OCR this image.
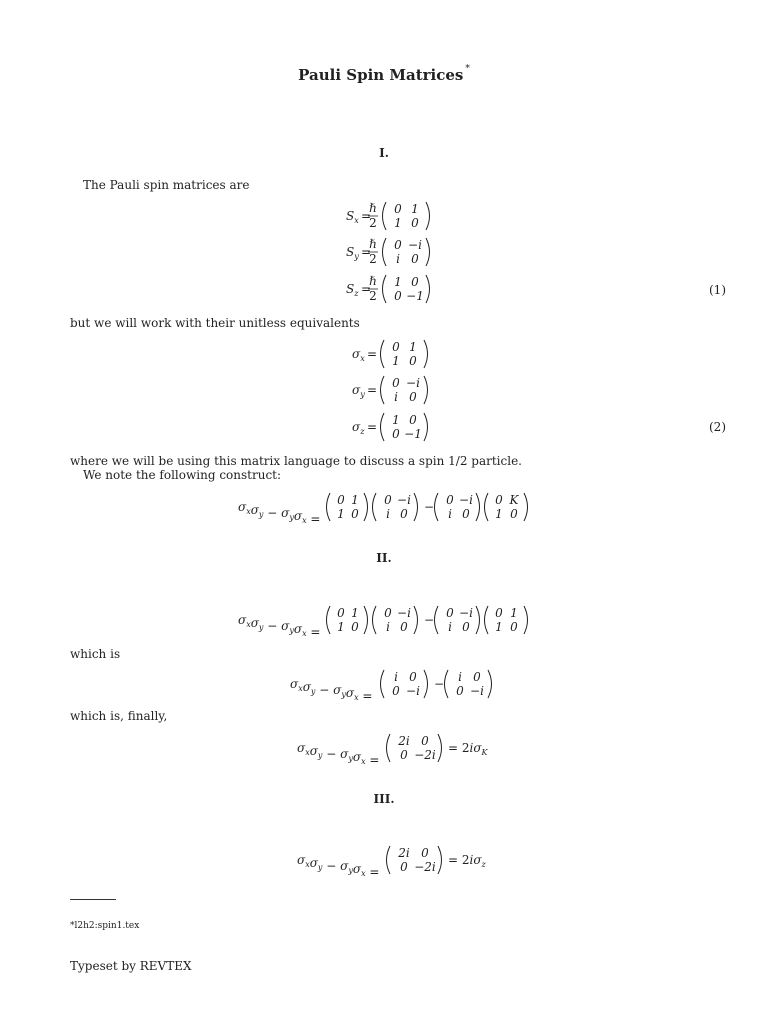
Pauli Spin Matrices *
I.
The Pauli spin matrices are
(1)
but we will work with their unitless equivalents
(2)
where we will be using this matrix language to discuss a spin 1/2 particle.
We note the following construct:
II.
which is
which is, finally,
III.
*l2h2:spin1.tex
Typeset by REVTEX
$S_x$ =
ℏ
2
0 1
1 0
$S_y$ =
ℏ
2
0 −i
i 0
$S_z$ =
ℏ
2
1 0
0 −1
$\sigma_x = 0$ 1
1 0
$\sigma_y = 0 -i$
i 0
$\sigma_z = 1$ 0
0 −1
$\sigma_x\sigma_y - \sigma_y\sigma_x$ =
0 1
1 0
0 −i
i 0 − 0 −i
i 0
0 K
1 0
$\sigma_x\sigma_y - \sigma_y\sigma_x$ =
0 1
1 0
0 −i
i 0 − 0 −i
i 0
0 1
1 0
$\sigma_x\sigma_y - \sigma_y\sigma_x$ =
i 0
0 −i − i 0
0 −i
$\sigma_x\sigma_y - \sigma_y\sigma_x$ =
2i 0
$0 -2i = 2i\sigma_K$
$\sigma_x\sigma_y - \sigma_y\sigma_x$ =
2i 0
$0 -2i = 2i\sigma_z$
